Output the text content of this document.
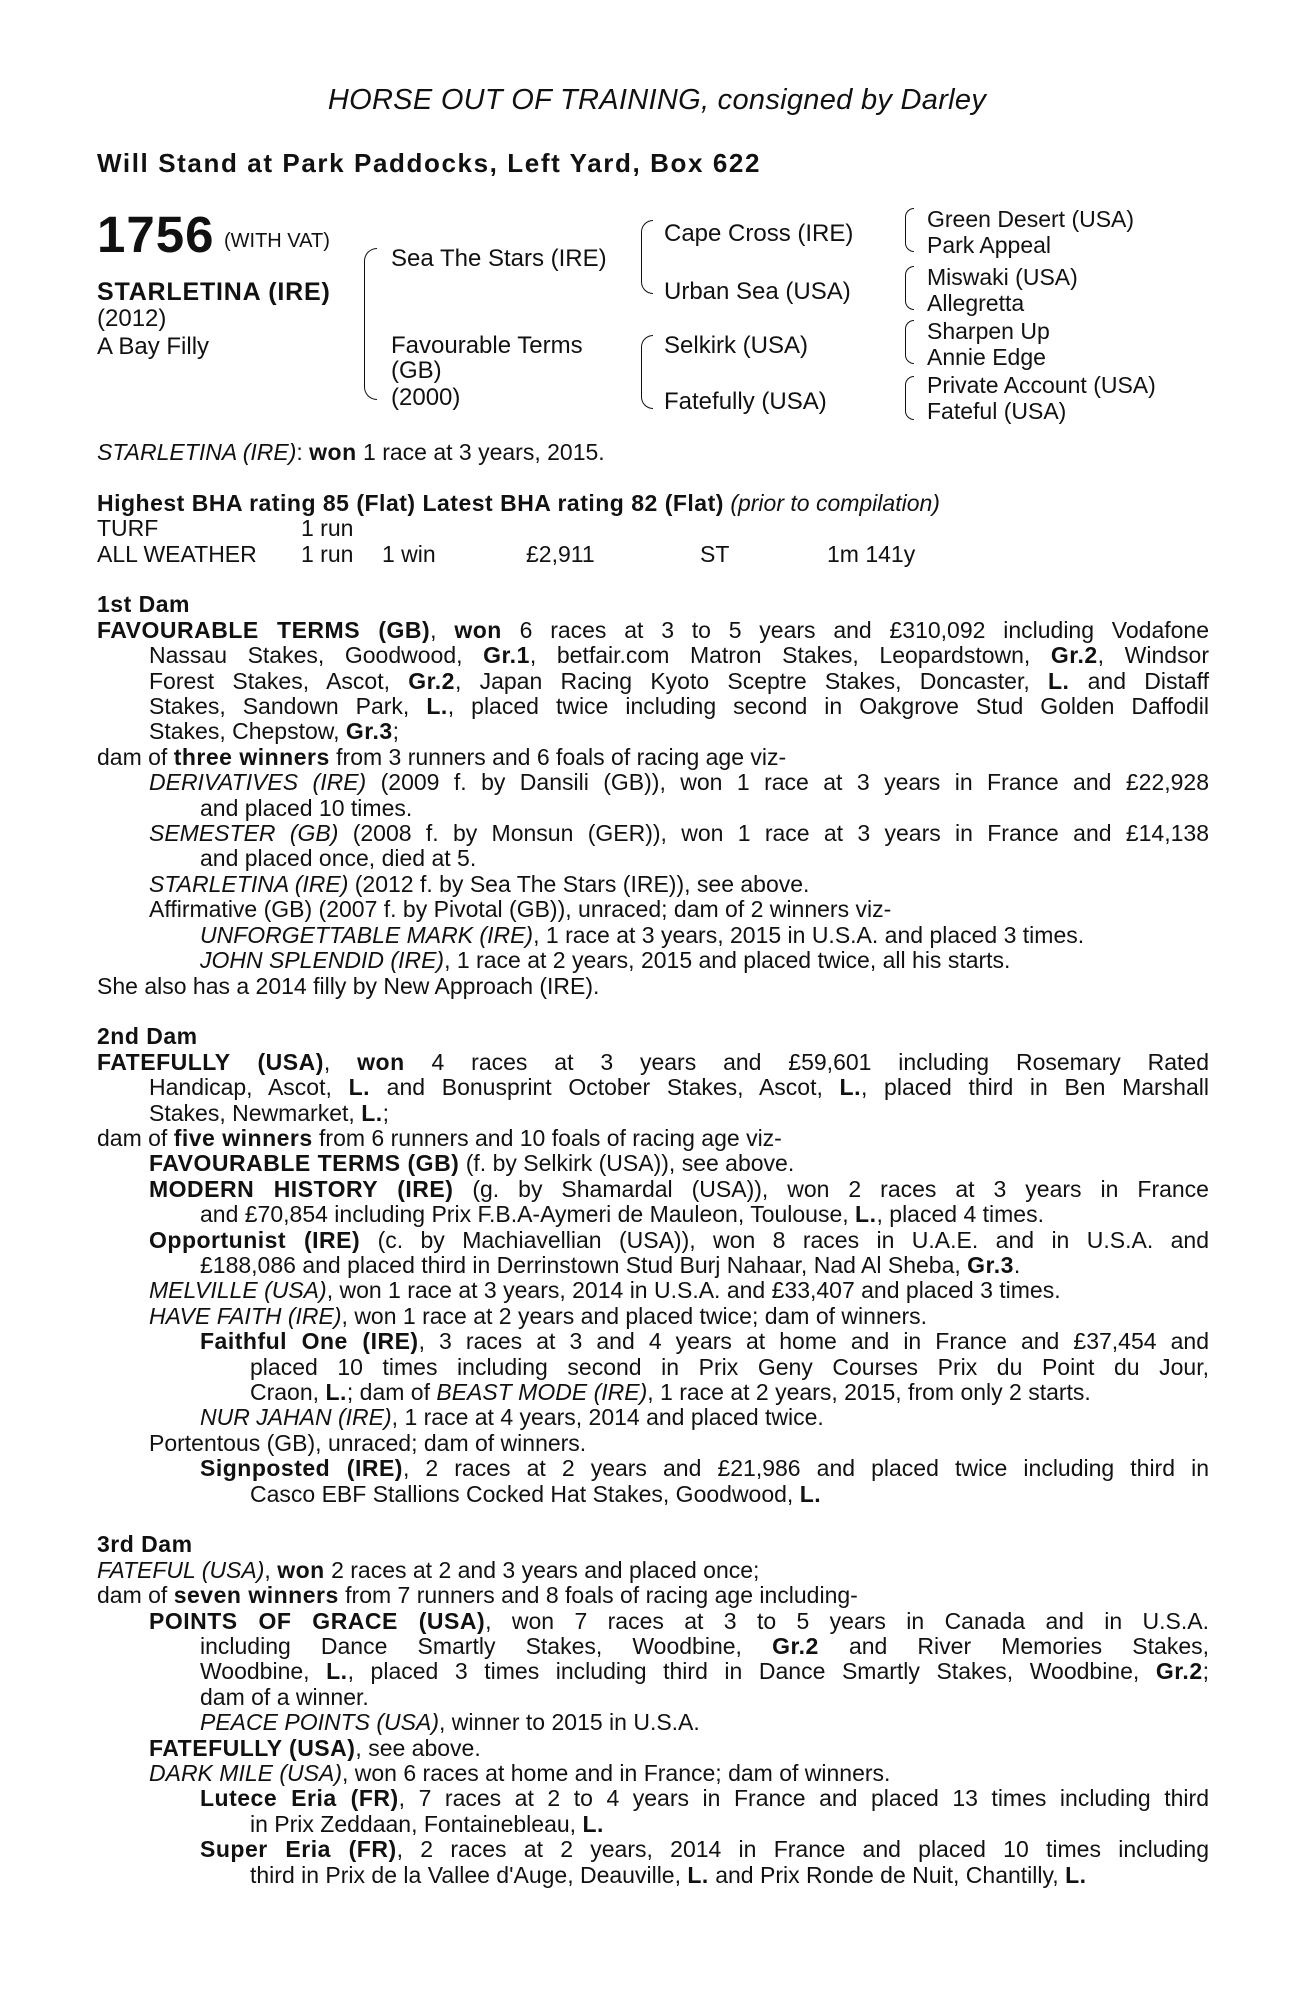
HORSE OUT OF TRAINING, consigned by Darley
Will Stand at Park Paddocks, Left Yard, Box 622
1756 (WITH VAT)
STARLETINA (IRE)
(2012)
A Bay Filly
Sea The Stars (IRE)
Favourable Terms
(GB)
(2000)
Cape Cross (IRE)
Urban Sea (USA)
Selkirk (USA)
Fatefully (USA)
Green Desert (USA)
Park Appeal
Miswaki (USA)
Allegretta
Sharpen Up
Annie Edge
Private Account (USA)
Fateful (USA)
STARLETINA (IRE): won 1 race at 3 years, 2015.
Highest BHA rating 85 (Flat) Latest BHA rating 82 (Flat) (prior to compilation)
TURF	1 run
ALL WEATHER 1 run 1 win	£2,911	ST	1m 141y
1st Dam
FAVOURABLE TERMS (GB), won 6 races at 3 to 5 years and £310,092 including Vodafone
Nassau Stakes, Goodwood, Gr.1, betfair.com Matron Stakes, Leopardstown, Gr.2, Windsor
Forest Stakes, Ascot, Gr.2, Japan Racing Kyoto Sceptre Stakes, Doncaster, L. and Distaff
Stakes, Sandown Park, L., placed twice including second in Oakgrove Stud Golden Daffodil
Stakes, Chepstow, Gr.3;
dam of three winners from 3 runners and 6 foals of racing age viz-
DERIVATIVES (IRE) (2009 f. by Dansili (GB)), won 1 race at 3 years in France and £22,928
and placed 10 times.
SEMESTER (GB) (2008 f. by Monsun (GER)), won 1 race at 3 years in France and £14,138
and placed once, died at 5.
STARLETINA (IRE) (2012 f. by Sea The Stars (IRE)), see above.
Affirmative (GB) (2007 f. by Pivotal (GB)), unraced; dam of 2 winners viz-
UNFORGETTABLE MARK (IRE), 1 race at 3 years, 2015 in U.S.A. and placed 3 times.
JOHN SPLENDID (IRE), 1 race at 2 years, 2015 and placed twice, all his starts.
She also has a 2014 filly by New Approach (IRE).
2nd Dam
FATEFULLY (USA), won 4 races at 3 years and £59,601 including Rosemary Rated
Handicap, Ascot, L. and Bonusprint October Stakes, Ascot, L., placed third in Ben Marshall
Stakes, Newmarket, L.;
dam of five winners from 6 runners and 10 foals of racing age viz-
FAVOURABLE TERMS (GB) (f. by Selkirk (USA)), see above.
MODERN HISTORY (IRE) (g. by Shamardal (USA)), won 2 races at 3 years in France
and £70,854 including Prix F.B.A-Aymeri de Mauleon, Toulouse, L., placed 4 times.
Opportunist (IRE) (c. by Machiavellian (USA)), won 8 races in U.A.E. and in U.S.A. and
£188,086 and placed third in Derrinstown Stud Burj Nahaar, Nad Al Sheba, Gr.3.
MELVILLE (USA), won 1 race at 3 years, 2014 in U.S.A. and £33,407 and placed 3 times.
HAVE FAITH (IRE), won 1 race at 2 years and placed twice; dam of winners.
Faithful One (IRE), 3 races at 3 and 4 years at home and in France and £37,454 and
placed 10 times including second in Prix Geny Courses Prix du Point du Jour,
Craon, L.; dam of BEAST MODE (IRE), 1 race at 2 years, 2015, from only 2 starts.
NUR JAHAN (IRE), 1 race at 4 years, 2014 and placed twice.
Portentous (GB), unraced; dam of winners.
Signposted (IRE), 2 races at 2 years and £21,986 and placed twice including third in
Casco EBF Stallions Cocked Hat Stakes, Goodwood, L.
3rd Dam
FATEFUL (USA), won 2 races at 2 and 3 years and placed once;
dam of seven winners from 7 runners and 8 foals of racing age including-
POINTS OF GRACE (USA), won 7 races at 3 to 5 years in Canada and in U.S.A.
including Dance Smartly Stakes, Woodbine, Gr.2 and River Memories Stakes,
Woodbine, L., placed 3 times including third in Dance Smartly Stakes, Woodbine, Gr.2;
dam of a winner.
PEACE POINTS (USA), winner to 2015 in U.S.A.
FATEFULLY (USA), see above.
DARK MILE (USA), won 6 races at home and in France; dam of winners.
Lutece Eria (FR), 7 races at 2 to 4 years in France and placed 13 times including third
in Prix Zeddaan, Fontainebleau, L.
Super Eria (FR), 2 races at 2 years, 2014 in France and placed 10 times including
third in Prix de la Vallee d'Auge, Deauville, L. and Prix Ronde de Nuit, Chantilly, L.
